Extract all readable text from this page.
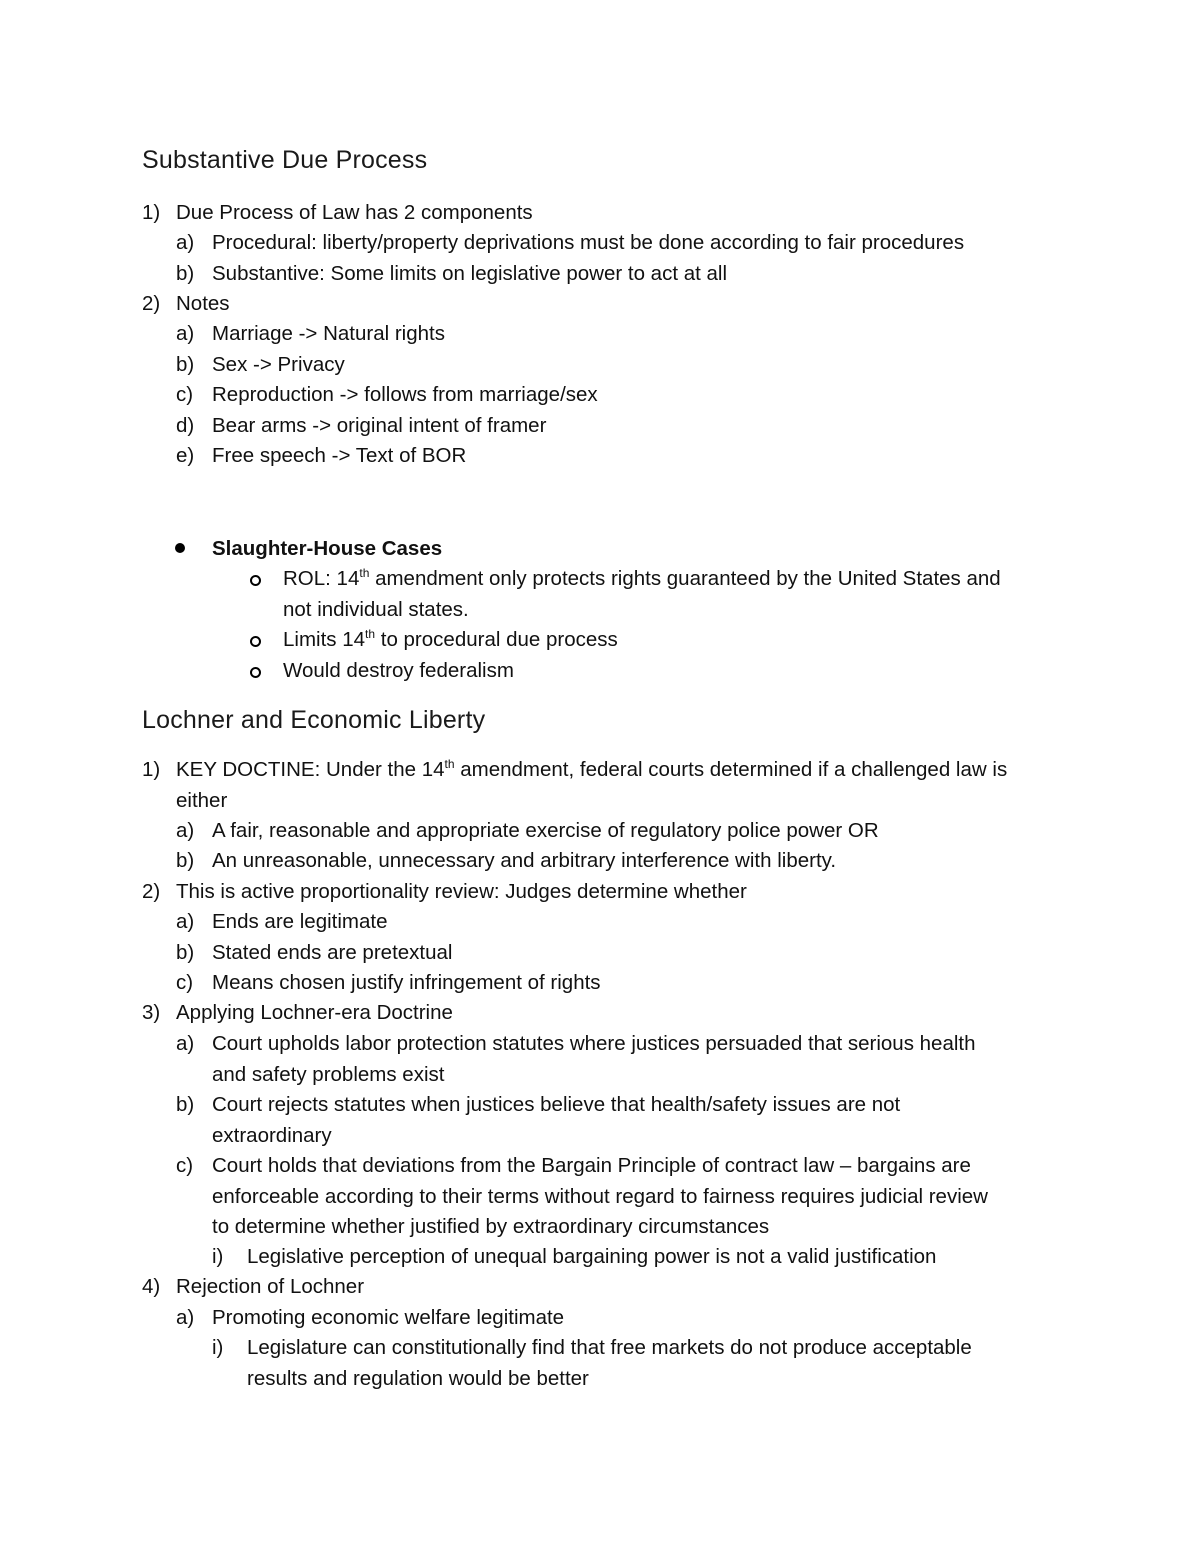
Substantive Due Process
1) Due Process of Law has 2 components
a) Procedural: liberty/property deprivations must be done according to fair procedures
b) Substantive: Some limits on legislative power to act at all
2) Notes
a) Marriage -> Natural rights
b) Sex -> Privacy
c) Reproduction -> follows from marriage/sex
d) Bear arms -> original intent of framer
e) Free speech -> Text of BOR
Slaughter-House Cases
ROL: 14th amendment only protects rights guaranteed by the United States and
not individual states.
Limits 14th to procedural due process
Would destroy federalism
Lochner and Economic Liberty
1) KEY DOCTINE: Under the 14th amendment, federal courts determined if a challenged law is
either
a) A fair, reasonable and appropriate exercise of regulatory police power OR
b) An unreasonable, unnecessary and arbitrary interference with liberty.
2) This is active proportionality review: Judges determine whether
a) Ends are legitimate
b) Stated ends are pretextual
c) Means chosen justify infringement of rights
3) Applying Lochner-era Doctrine
a) Court upholds labor protection statutes where justices persuaded that serious health
and safety problems exist
b) Court rejects statutes when justices believe that health/safety issues are not
extraordinary
c) Court holds that deviations from the Bargain Principle of contract law – bargains are
enforceable according to their terms without regard to fairness requires judicial review
to determine whether justified by extraordinary circumstances
i) Legislative perception of unequal bargaining power is not a valid justification
4) Rejection of Lochner
a) Promoting economic welfare legitimate
i) Legislature can constitutionally find that free markets do not produce acceptable
results and regulation would be better
